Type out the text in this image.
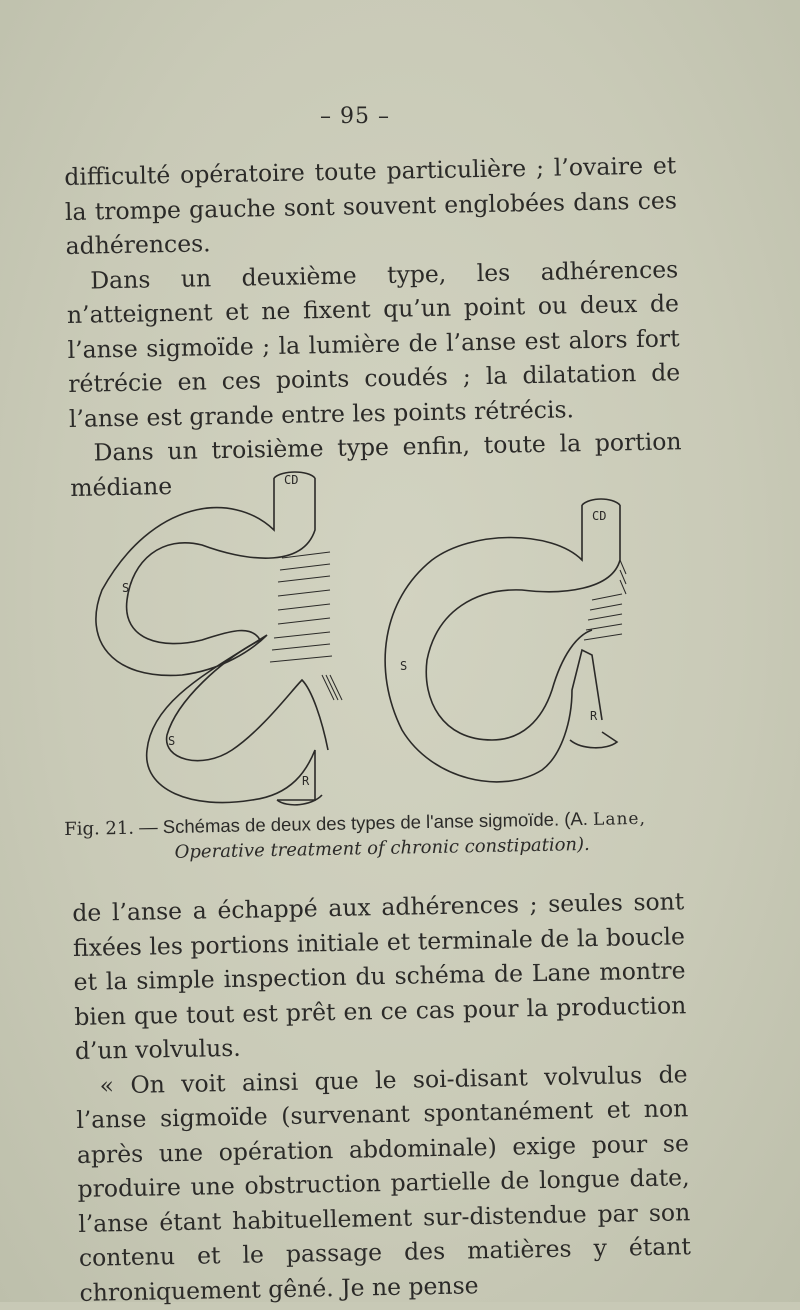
– 95 –

difficulté opératoire toute particulière ; l’ovaire et la trompe gauche sont souvent englobées dans ces adhérences.

Dans un deuxième type, les adhérences n’atteignent et ne fixent qu’un point ou deux de l’anse sigmoïde ; la lumière de l’anse est alors fort rétrécie en ces points coudés ; la dilatation de l’anse est grande entre les points rétrécis.

Dans un troisième type enfin, toute la portion médiane	CD
S
S
R
CD
S
R
Fig. 21. — Schémas de deux des types de l'anse sigmoïde. (A. Lane,
Operative treatment of chronic constipation).

de l’anse a échappé aux adhérences ; seules sont fixées les portions initiale et terminale de la boucle et la simple inspection du schéma de Lane montre bien que tout est prêt en ce cas pour la production d’un volvulus.

« On voit ainsi que le soi-disant volvulus de l’anse sigmoïde (survenant spontanément et non après une opération abdominale) exige pour se produire une obstruction partielle de longue date, l’anse étant habituellement sur-distendue par son contenu et le passage des matières y étant chroniquement gêné. Je ne pense
